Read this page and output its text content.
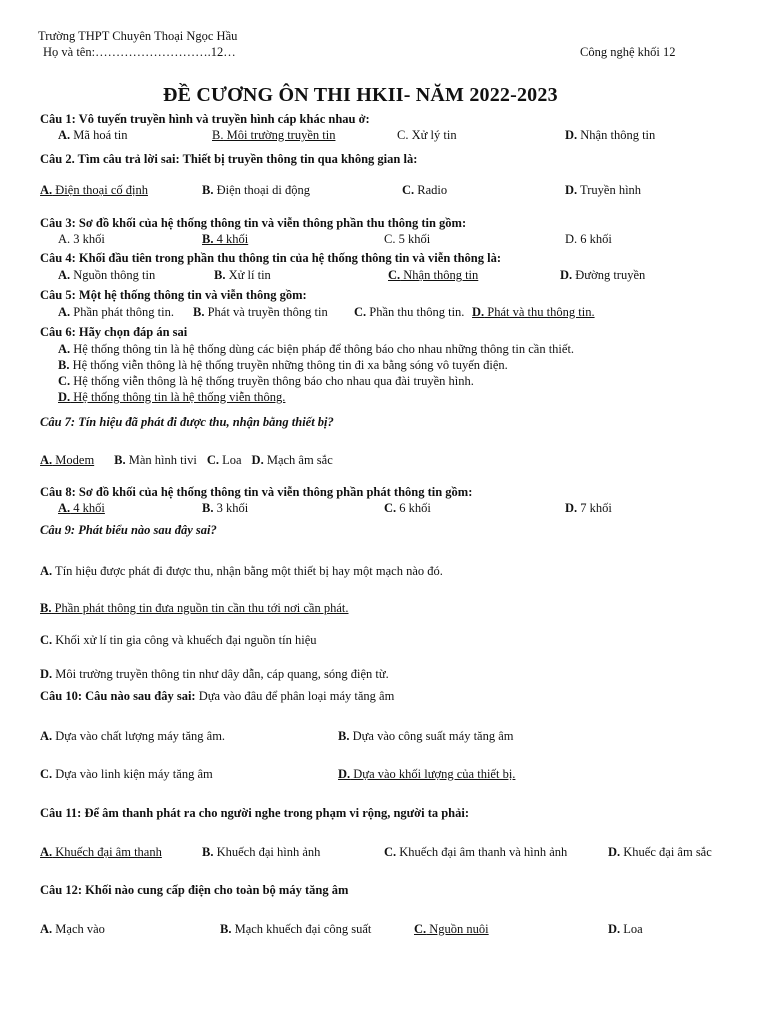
Trường THPT Chuyên Thoại Ngọc Hầu
Họ và tên:……………………….12…	Công nghệ khối 12
ĐỀ CƯƠNG ÔN THI HKII- NĂM 2022-2023
Câu 1: Vô tuyến truyền hình và truyền hình cáp khác nhau ở:
A. Mã hoá tin	B. Môi trường truyền tin	C. Xử lý tin	D. Nhận thông tin
Câu 2. Tìm câu trả lời sai: Thiết bị truyền thông tin qua không gian là:
A. Điện thoại cố định	B. Điện thoại di động	C. Radio	D. Truyền hình
Câu 3: Sơ đồ khối của hệ thống thông tin và viễn thông phần thu thông tin gồm:
A. 3 khối	B. 4 khối	C. 5 khối	D. 6 khối
Câu 4: Khối đầu tiên trong phần thu thông tin của hệ thống thông tin và viễn thông là:
A. Nguồn thông tin	B. Xử lí tin	C. Nhận thông tin	D. Đường truyền
Câu 5: Một hệ thống thông tin và viễn thông gồm:
A. Phần phát thông tin. B. Phát và truyền thông tin C. Phần thu thông tin. D. Phát và thu thông tin.
Câu 6: Hãy chọn đáp án sai
A. Hệ thống thông tin là hệ thống dùng các biện pháp để thông báo cho nhau những thông tin cần thiết.
B. Hệ thống viễn thông là hệ thống truyền những thông tin đi xa bằng sóng vô tuyến điện.
C. Hệ thống viễn thông là hệ thống truyền thông báo cho nhau qua đài truyền hình.
D. Hệ thống thông tin là hệ thống viễn thông.
Câu 7: Tín hiệu đã phát đi được thu, nhận bằng thiết bị?
A. Modem B. Màn hình tivi C. Loa D. Mạch âm sắc
Câu 8: Sơ đồ khối của hệ thống thông tin và viễn thông phần phát thông tin gồm:
A. 4 khối	B. 3 khối	C. 6 khối	D. 7 khối
Câu 9: Phát biểu nào sau đây sai?
A. Tín hiệu được phát đi được thu, nhận bằng một thiết bị hay một mạch nào đó.
B. Phần phát thông tin đưa nguồn tin cần thu tới nơi cần phát.
C. Khối xử lí tin gia công và khuếch đại nguồn tín hiệu
D. Môi trường truyền thông tin như dây dẫn, cáp quang, sóng điện từ.
Câu 10: Câu nào sau đây sai: Dựa vào đâu để phân loại máy tăng âm
A. Dựa vào chất lượng máy tăng âm.	B. Dựa vào công suất máy tăng âm
C. Dựa vào linh kiện máy tăng âm	D. Dựa vào khối lượng của thiết bị.
Câu 11: Để âm thanh phát ra cho người nghe trong phạm vi rộng, người ta phải:
A. Khuếch đại âm thanh	B. Khuếch đại hình ảnh	C. Khuếch đại âm thanh và hình ảnh	D. Khuếc đại âm sắc
Câu 12: Khối nào cung cấp điện cho toàn bộ máy tăng âm
A. Mạch vào	B. Mạch khuếch đại công suất	C. Nguồn nuôi	D. Loa
